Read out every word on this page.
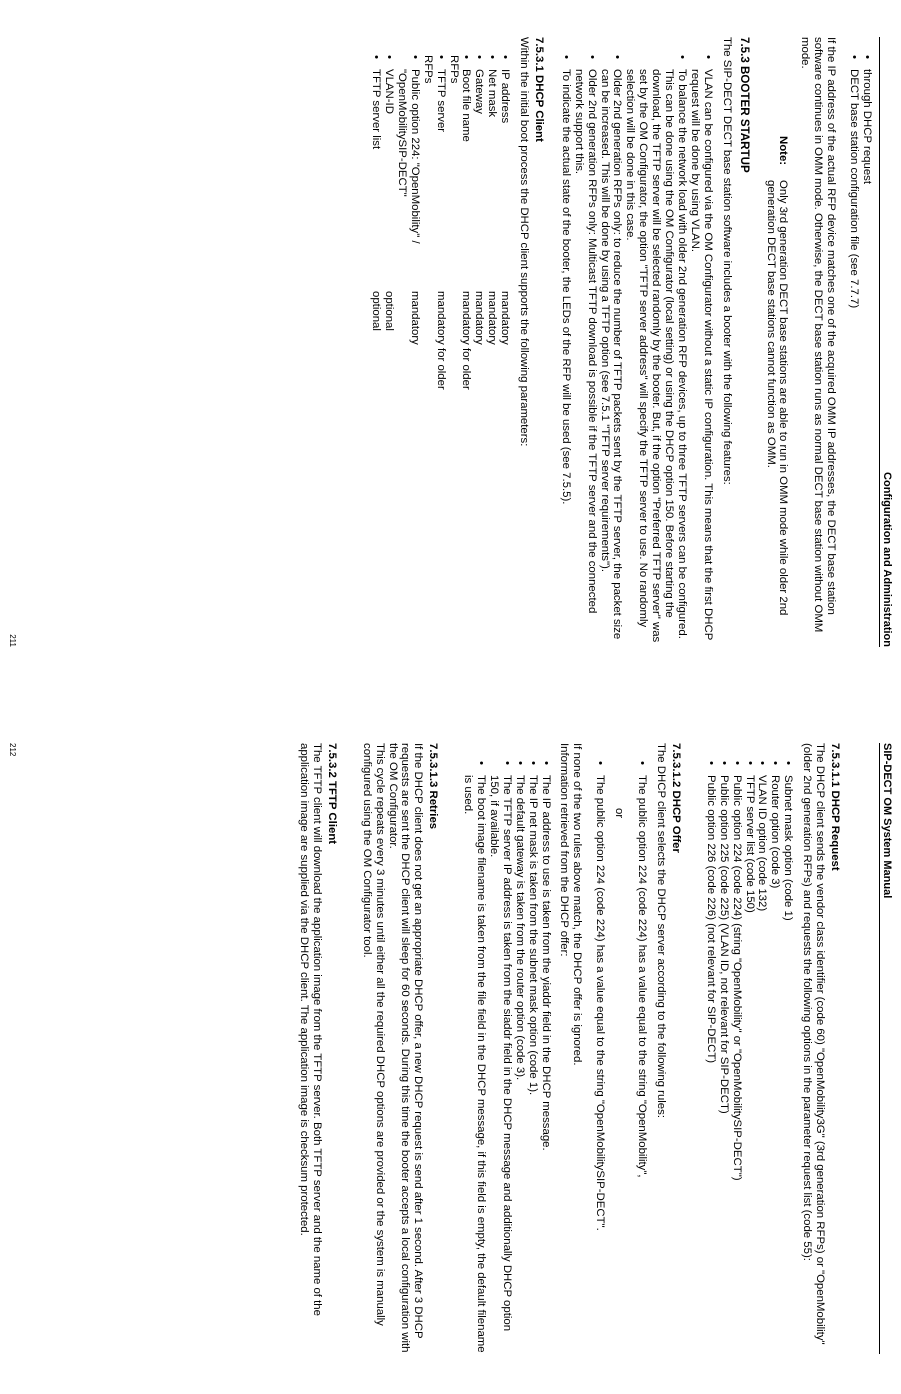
Configuration and Administration
• through DHCP request
• DECT base station configuration file (see 7.7.7)

If the IP address of the actual RFP device matches one of the acquired OMM IP addresses, the DECT base station software continues in OMM mode. Otherwise, the DECT base station runs as normal DECT base station without OMM mode.

Note:
Only 3rd generation DECT base stations are able to run in OMM mode while older 2nd generation DECT base stations cannot function as OMM.
7.5.3 BOOTER STARTUP

The SIP-DECT DECT base station software includes a booter with the following features:

• VLAN can be configured via the OM Configurator without a static IP configuration. This means that the first DHCP request will be done by using VLAN.
• To balance the network load with older 2nd generation RFP devices, up to three TFTP servers can be configured. This can be done using the OM Configurator (local setting) or using the DHCP option 150. Before starting the download, the TFTP server will be selected randomly by the booter. But, if the option "Preferred TFTP server" was set by the OM Configurator, the option "TFTP server address" will specify the TFTP server to use. No randomly selection will be done in this case.
• Older 2nd generation RFPs only: to reduce the number of TFTP packets sent by the TFTP server, the packet size can be increased. This will be done by using a TFTP option (see 7.5.1 "TFTP server requirements").
• Older 2nd generation RFPs only: Multicast TFTP download is possible if the TFTP server and the connected network support this.
• To indicate the actual state of the booter, the LEDs of the RFP will be used (see 7.5.5).
7.5.3.1 DHCP Client

Within the initial boot process the DHCP client supports the following parameters:

• IP address
mandatory
• Net mask
mandatory
• Gateway
mandatory
• Boot file name
mandatory for older
RFPs
• TFTP server
mandatory for older
RFPs
• Public option 224: "OpenMobility" / "OpenMobilitySIP-DECT"
mandatory
• VLAN-ID
optional
• TFTP server list
optional
211
SIP-DECT OM System Manual
7.5.3.1.1 DHCP Request

The DHCP client sends the vendor class identifier (code 60) "OpenMobility3G" (3rd generation RFPs) or "OpenMobility" (older 2nd generation RFPs) and requests the following options in the parameter request list (code 55):

• Subnet mask option (code 1)
• Router option (code 3)
• VLAN ID option (code 132)
• TFTP server list (code 150)
• Public option 224 (code 224) (string "OpenMobility" or "OpenMobilitySIP-DECT")
• Public option 225 (code 225) (VLAN ID, not relevant for SIP-DECT)
• Public option 226 (code 226) (not relevant for SIP-DECT)
7.5.3.1.2 DHCP Offer

The DHCP client selects the DHCP server according to the following rules:

• The public option 224 (code 224) has a value equal to the string "OpenMobility",

or

• The public option 224 (code 224) has a value equal to the string "OpenMobilitySIP-DECT".

If none of the two rules above match, the DHCP offer is ignored.

Information retrieved from the DHCP offer:

• The IP address to use is taken from the yiaddr field in the DHCP message.
• The IP net mask is taken from the subnet mask option (code 1).
• The default gateway is taken from the router option (code 3).
• The TFTP server IP address is taken from the siaddr field in the DHCP message and additionally DHCP option 150, if available.
• The boot image filename is taken from the file field in the DHCP message, if this field is empty, the default filename is used.
7.5.3.1.3 Retries

If the DHCP client does not get an appropriate DHCP offer, a new DHCP request is send after 1 second. After 3 DHCP requests are sent the DHCP client will sleep for 60 seconds. During this time the booter accepts a local configuration with the OM Configurator.

This cycle repeats every 3 minutes until either all the required DHCP options are provided or the system is manually configured using the OM Configurator tool.

7.5.3.2 TFTP Client

The TFTP client will download the application image from the TFTP server. Both TFTP server and the name of the application image are supplied via the DHCP client. The application image is checksum protected.

212
